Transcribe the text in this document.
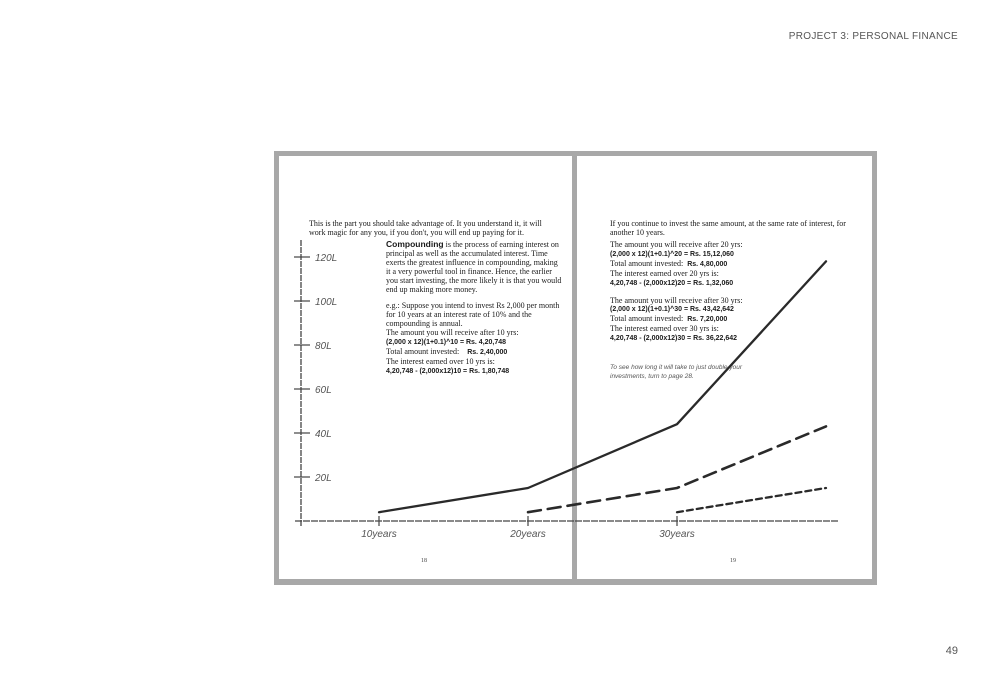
PROJECT 3: PERSONAL FINANCE
This is the part you should take advantage of. It you understand it, it will work magic for any you, if you don't, you will end up paying for it.

Compounding is the process of earning interest on principal as well as the accumulated interest. Time exerts the greatest influence in compounding, making it a very powerful tool in finance. Hence, the earlier you start investing, the more likely it is that you would end up making more money.

e.g.: Suppose you intend to invest Rs 2,000 per month for 10 years at an interest rate of 10% and the compounding is annual.
The amount you will receive after 10 yrs:
(2,000 x 12)(1+0.1)^10 = Rs. 4,20,748
Total amount invested: Rs. 2,40,000
The interest earned over 10 yrs is:
4,20,748 - (2,000x12)10 = Rs. 1,80,748

18
If you continue to invest the same amount, at the same rate of interest, for another 10 years.

The amount you will receive after 20 yrs:
(2,000 x 12)(1+0.1)^20 = Rs. 15,12,060
Total amount invested: Rs. 4,80,000
The interest earned over 20 yrs is:
4,20,748 - (2,000x12)20 = Rs. 1,32,060

The amount you will receive after 30 yrs:
(2,000 x 12)(1+0.1)^30 = Rs. 43,42,642
Total amount invested: Rs. 7,20,000
The interest earned over 30 yrs is:
4,20,748 - (2,000x12)30 = Rs. 36,22,642

To see how long it will take to just double your investments, turn to page 28.
19
20L
40L
60L
80L
100L
120L
10years	20years	30years
49
